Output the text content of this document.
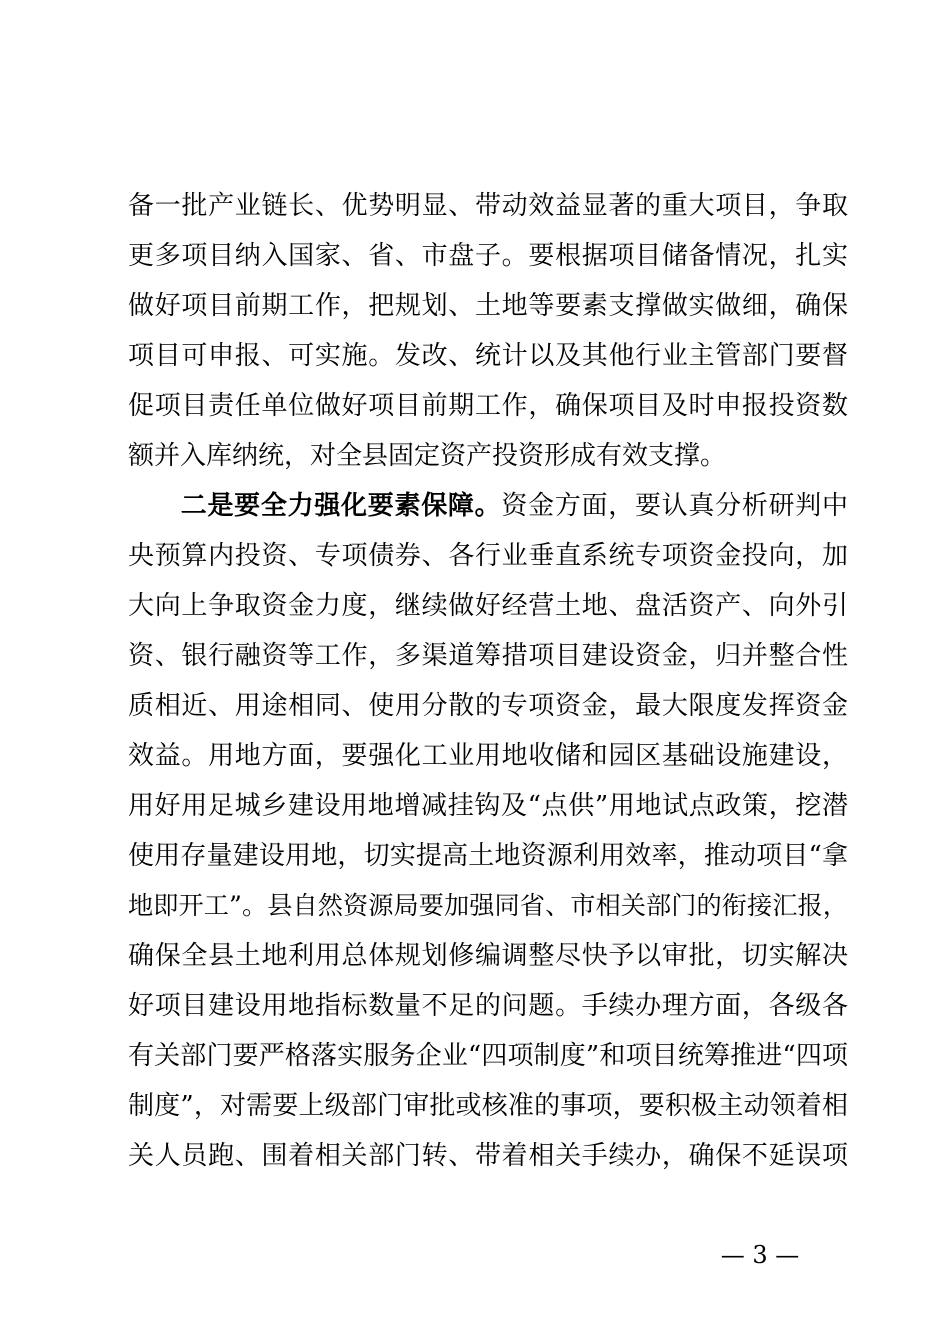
备一批产业链长、优势明显、带动效益显著的重大项目，争取
更多项目纳入国家、省、市盘子。要根据项目储备情况，扎实
做好项目前期工作，把规划、土地等要素支撑做实做细，确保
项目可申报、可实施。发改、统计以及其他行业主管部门要督
促项目责任单位做好项目前期工作，确保项目及时申报投资数
额并入库纳统，对全县固定资产投资形成有效支撑。
二是要全力强化要素保障。资金方面，要认真分析研判中
央预算内投资、专项债券、各行业垂直系统专项资金投向，加
大向上争取资金力度，继续做好经营土地、盘活资产、向外引
资、银行融资等工作，多渠道筹措项目建设资金，归并整合性
质相近、用途相同、使用分散的专项资金，最大限度发挥资金
效益。用地方面，要强化工业用地收储和园区基础设施建设，
用好用足城乡建设用地增减挂钩及“点供”用地试点政策，挖潜
使用存量建设用地，切实提高土地资源利用效率，推动项目“拿
地即开工”。县自然资源局要加强同省、市相关部门的衔接汇报，
确保全县土地利用总体规划修编调整尽快予以审批，切实解决
好项目建设用地指标数量不足的问题。手续办理方面，各级各
有关部门要严格落实服务企业“四项制度”和项目统筹推进“四项
制度”，对需要上级部门审批或核准的事项，要积极主动领着相
关人员跑、围着相关部门转、带着相关手续办，确保不延误项
— 3 —
